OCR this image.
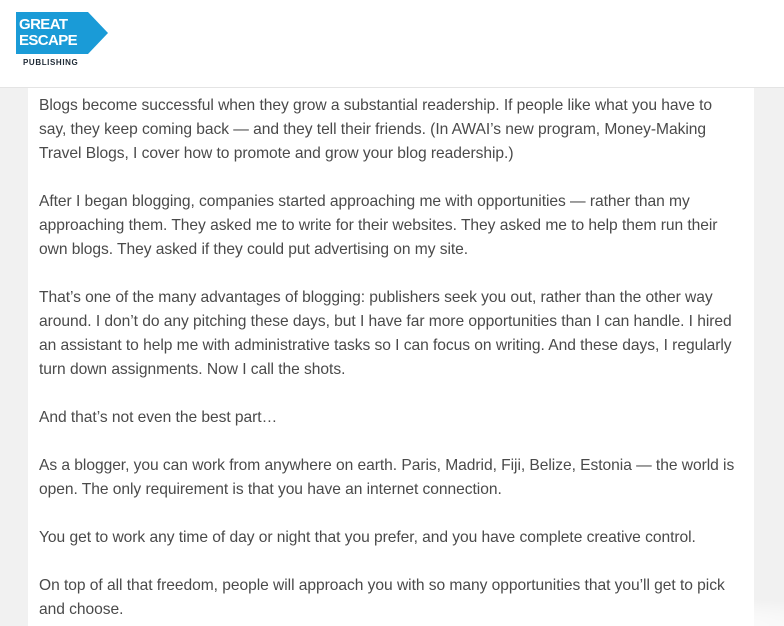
GREAT
ESCAPE
PUBLISHING

Blogs become successful when they grow a substantial readership. If people like what you have to say, they keep coming back — and they tell their friends. (In AWAI’s new program, Money-Making Travel Blogs, I cover how to promote and grow your blog readership.)

After I began blogging, companies started approaching me with opportunities — rather than my approaching them. They asked me to write for their websites. They asked me to help them run their own blogs. They asked if they could put advertising on my site.

That’s one of the many advantages of blogging: publishers seek you out, rather than the other way around. I don’t do any pitching these days, but I have far more opportunities than I can handle. I hired an assistant to help me with administrative tasks so I can focus on writing. And these days, I regularly turn down assignments. Now I call the shots.

And that’s not even the best part…

As a blogger, you can work from anywhere on earth. Paris, Madrid, Fiji, Belize, Estonia — the world is open. The only requirement is that you have an internet connection.

You get to work any time of day or night that you prefer, and you have complete creative control.

On top of all that freedom, people will approach you with so many opportunities that you’ll get to pick and choose.
